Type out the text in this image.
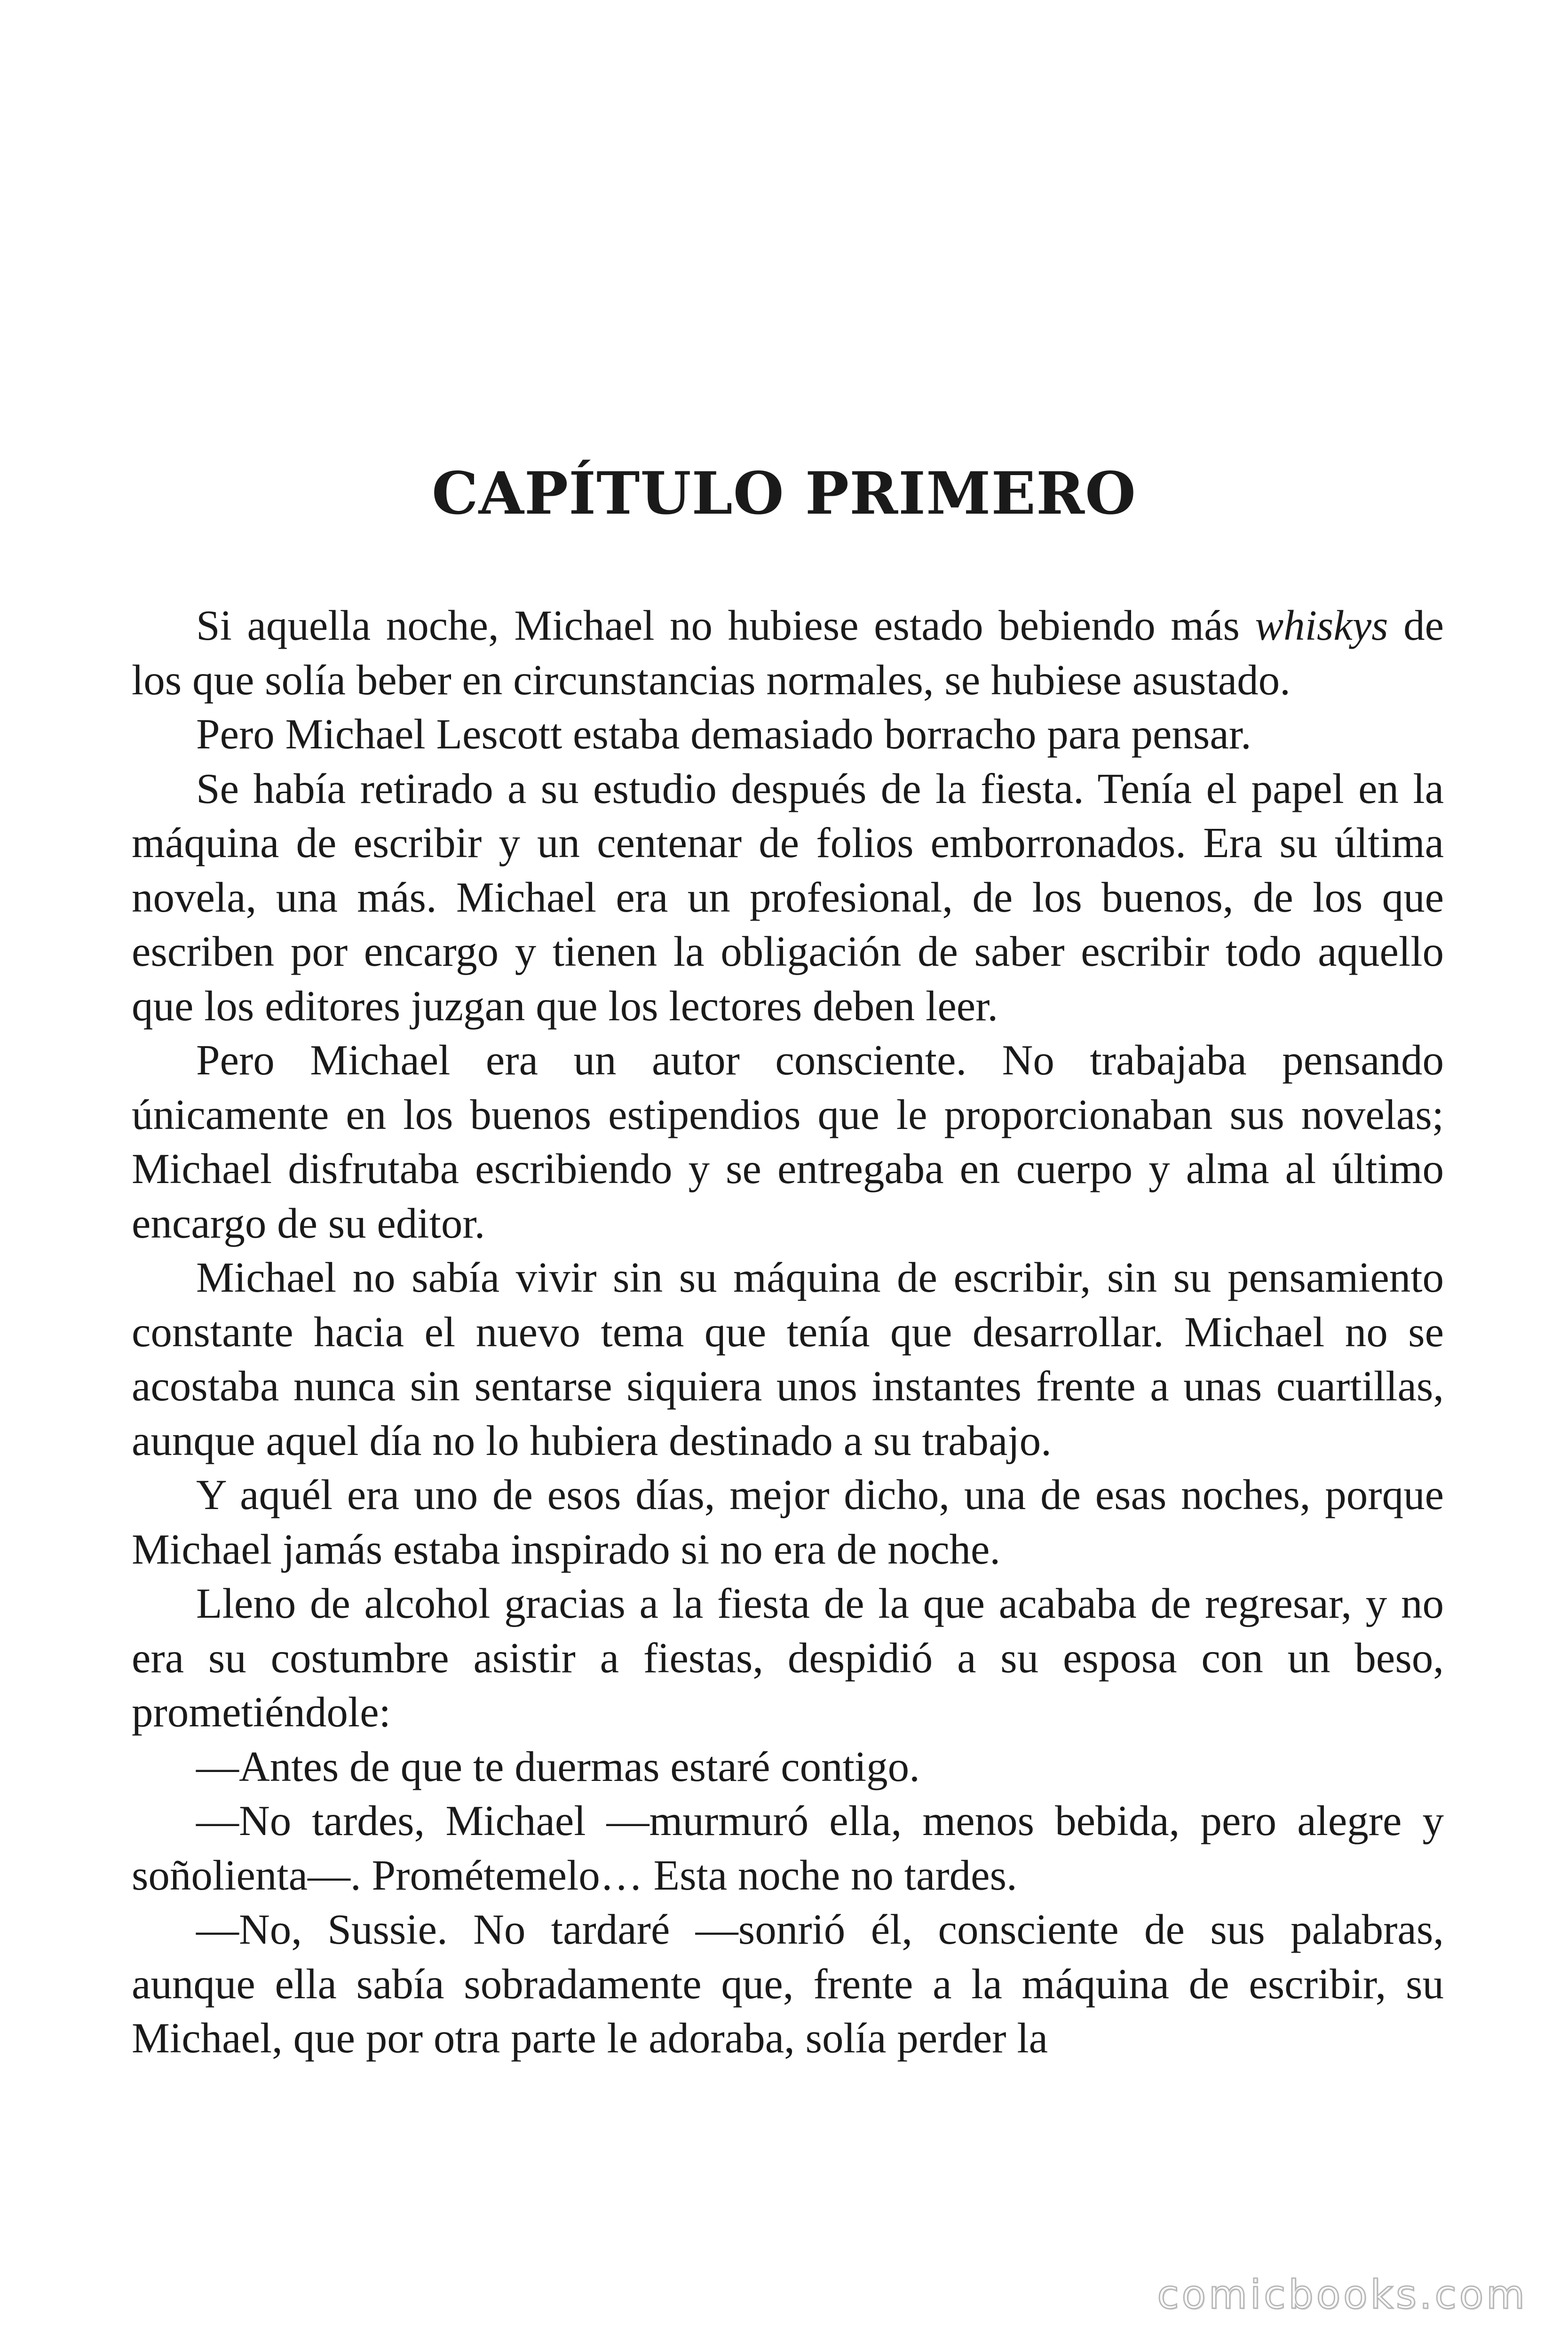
CAPÍTULO PRIMERO

Si aquella noche, Michael no hubiese estado bebiendo más whiskys de los que solía beber en circunstancias normales, se hubiese asustado.

Pero Michael Lescott estaba demasiado borracho para pensar.

Se había retirado a su estudio después de la fiesta. Tenía el papel en la máquina de escribir y un centenar de folios emborronados. Era su última novela, una más. Michael era un profesional, de los buenos, de los que escriben por encargo y tienen la obligación de saber escribir todo aquello que los editores juzgan que los lectores deben leer.

Pero Michael era un autor consciente. No trabajaba pensando únicamente en los buenos estipendios que le proporcionaban sus novelas; Michael disfrutaba escribiendo y se entregaba en cuerpo y alma al último encargo de su editor.

Michael no sabía vivir sin su máquina de escribir, sin su pensamiento constante hacia el nuevo tema que tenía que desarrollar. Michael no se acostaba nunca sin sentarse siquiera unos instantes frente a unas cuartillas, aunque aquel día no lo hubiera destinado a su trabajo.

Y aquél era uno de esos días, mejor dicho, una de esas noches, porque Michael jamás estaba inspirado si no era de noche.

Lleno de alcohol gracias a la fiesta de la que acababa de regresar, y no era su costumbre asistir a fiestas, despidió a su esposa con un beso, prometiéndole:

—Antes de que te duermas estaré contigo.

—No tardes, Michael —murmuró ella, menos bebida, pero alegre y soñolienta—. Prométemelo… Esta noche no tardes.

—No, Sussie. No tardaré —sonrió él, consciente de sus palabras, aunque ella sabía sobradamente que, frente a la máquina de escribir, su Michael, que por otra parte le adoraba, solía perder la

comicbooks.com
